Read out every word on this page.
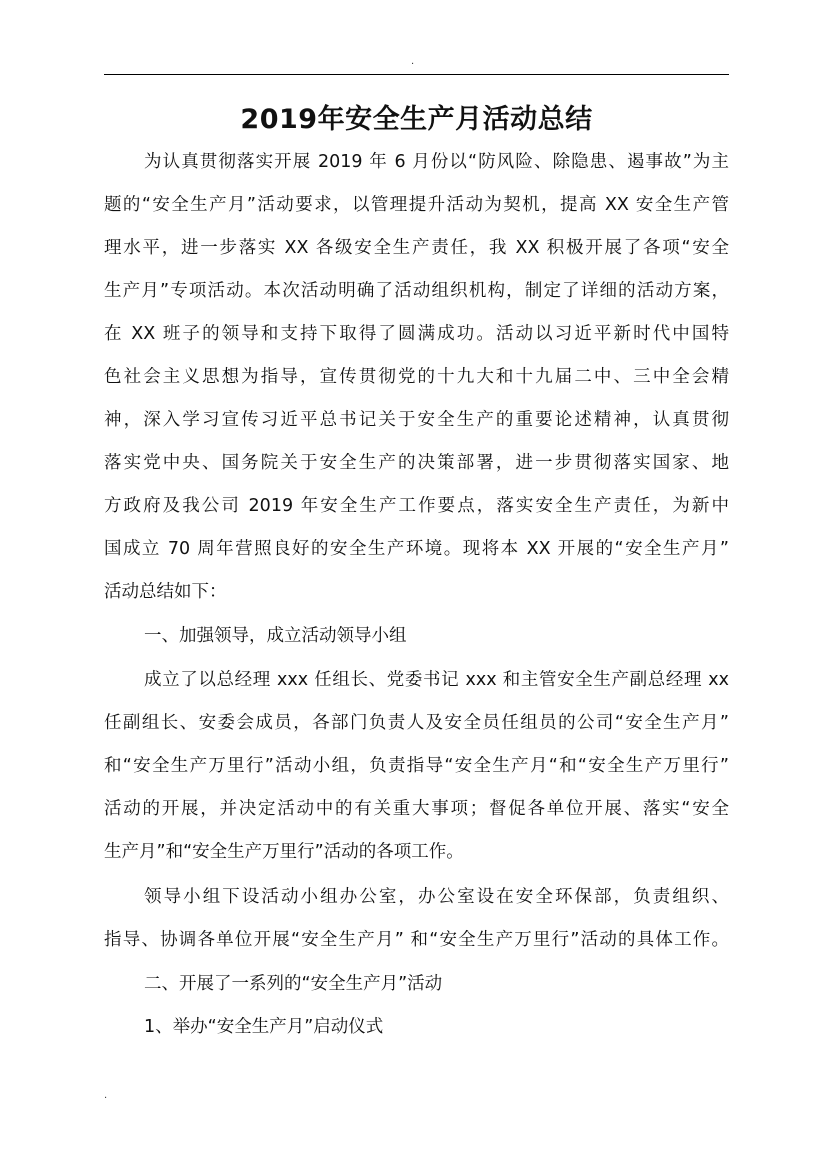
.
2019年安全生产月活动总结
为认真贯彻落实开展 2019 年 6 月份以“防风险、除隐患、遏事故”为主
题的“安全生产月”活动要求，以管理提升活动为契机，提高 XX 安全生产管
理水平，进一步落实 XX 各级安全生产责任，我 XX 积极开展了各项“安全
生产月”专项活动。本次活动明确了活动组织机构，制定了详细的活动方案，
在 XX 班子的领导和支持下取得了圆满成功。活动以习近平新时代中国特
色社会主义思想为指导，宣传贯彻党的十九大和十九届二中、三中全会精
神，深入学习宣传习近平总书记关于安全生产的重要论述精神，认真贯彻
落实党中央、国务院关于安全生产的决策部署，进一步贯彻落实国家、地
方政府及我公司 2019 年安全生产工作要点，落实安全生产责任，为新中
国成立 70 周年营照良好的安全生产环境。现将本 XX 开展的“安全生产月”
活动总结如下：
一、加强领导，成立活动领导小组
成立了以总经理 xxx 任组长、党委书记 xxx 和主管安全生产副总经理 xx
任副组长、安委会成员，各部门负责人及安全员任组员的公司“安全生产月”
和“安全生产万里行”活动小组，负责指导“安全生产月“和“安全生产万里行”
活动的开展，并决定活动中的有关重大事项；督促各单位开展、落实“安全
生产月”和“安全生产万里行”活动的各项工作。
领导小组下设活动小组办公室，办公室设在安全环保部，负责组织、
指导、协调各单位开展“安全生产月” 和“安全生产万里行”活动的具体工作。
二、开展了一系列的“安全生产月”活动
1、举办“安全生产月”启动仪式
.
